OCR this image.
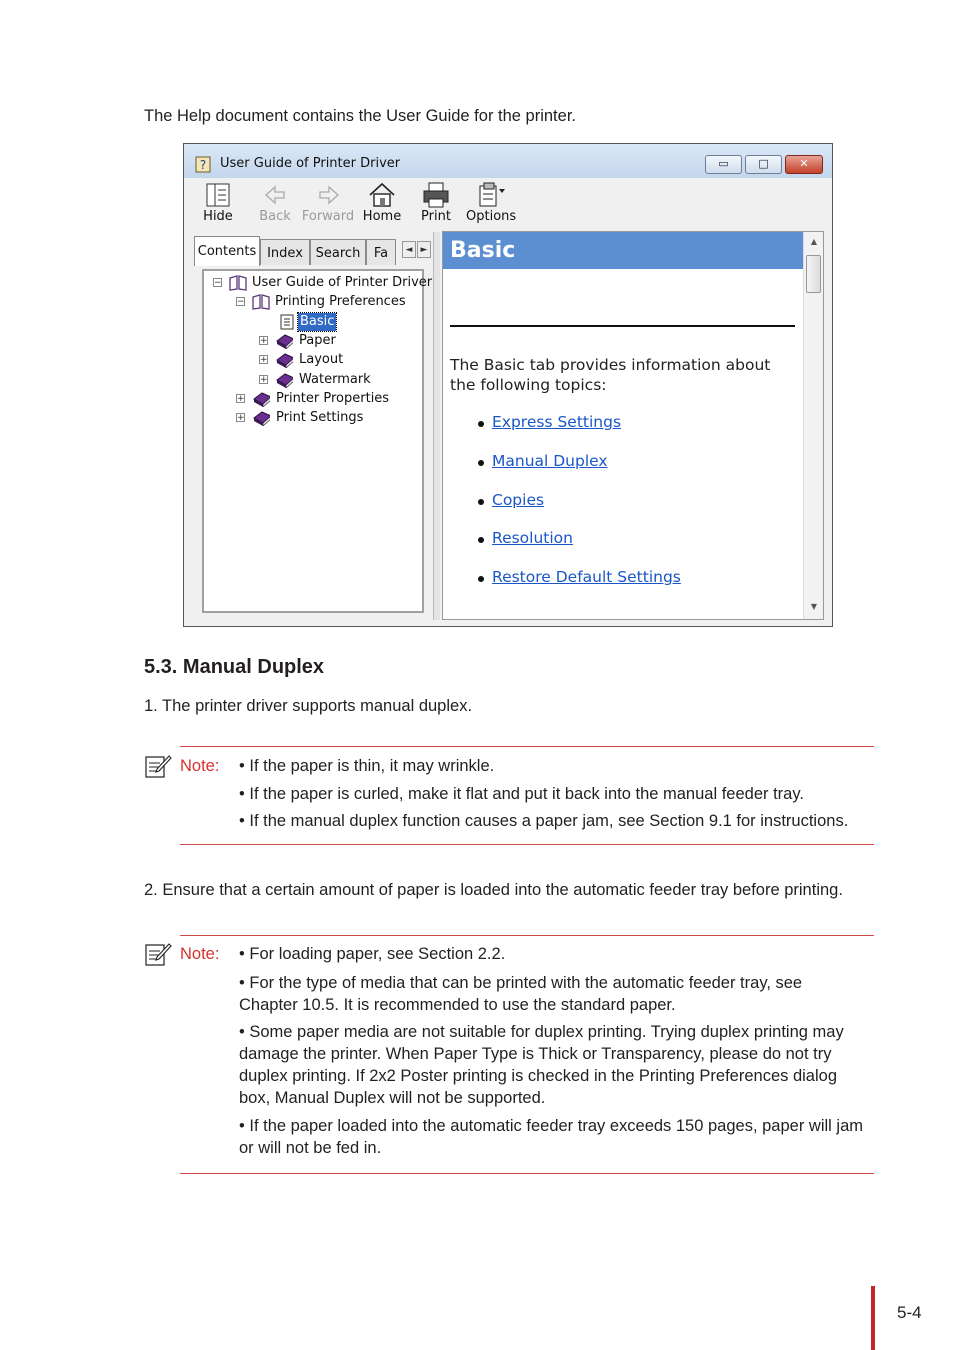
The Help document contains the User Guide for the printer.
? User Guide of Printer Driver	▭	□	✕
Hide	Back Forward Home	Print	Options
Contents Index Search	Fa	◄ ►
− User Guide of Printer Driver
− Printing Preferences
Basic
+ Paper
+ Layout
+ Watermark
+ Printer Properties
+ Print Settings
Basic
The Basic tab provides information about the following topics:
Express Settings
Manual Duplex
Copies
Resolution
Restore Default Settings
▲
▼
5.3. Manual Duplex
1. The printer driver supports manual duplex.
Note: • If the paper is thin, it may wrinkle.
• If the paper is curled, make it flat and put it back into the manual feeder tray.
• If the manual duplex function causes a paper jam, see Section 9.1 for instructions.
2. Ensure that a certain amount of paper is loaded into the automatic feeder tray before printing.
Note: • For loading paper, see Section 2.2.
• For the type of media that can be printed with the automatic feeder tray, see Chapter 10.5. It is recommended to use the standard paper.
• Some paper media are not suitable for duplex printing. Trying duplex printing may damage the printer. When Paper Type is Thick or Transparency, please do not try duplex printing. If 2x2 Poster printing is checked in the Printing Preferences dialog box, Manual Duplex will not be supported.
• If the paper loaded into the automatic feeder tray exceeds 150 pages, paper will jam or will not be fed in.
5-4
